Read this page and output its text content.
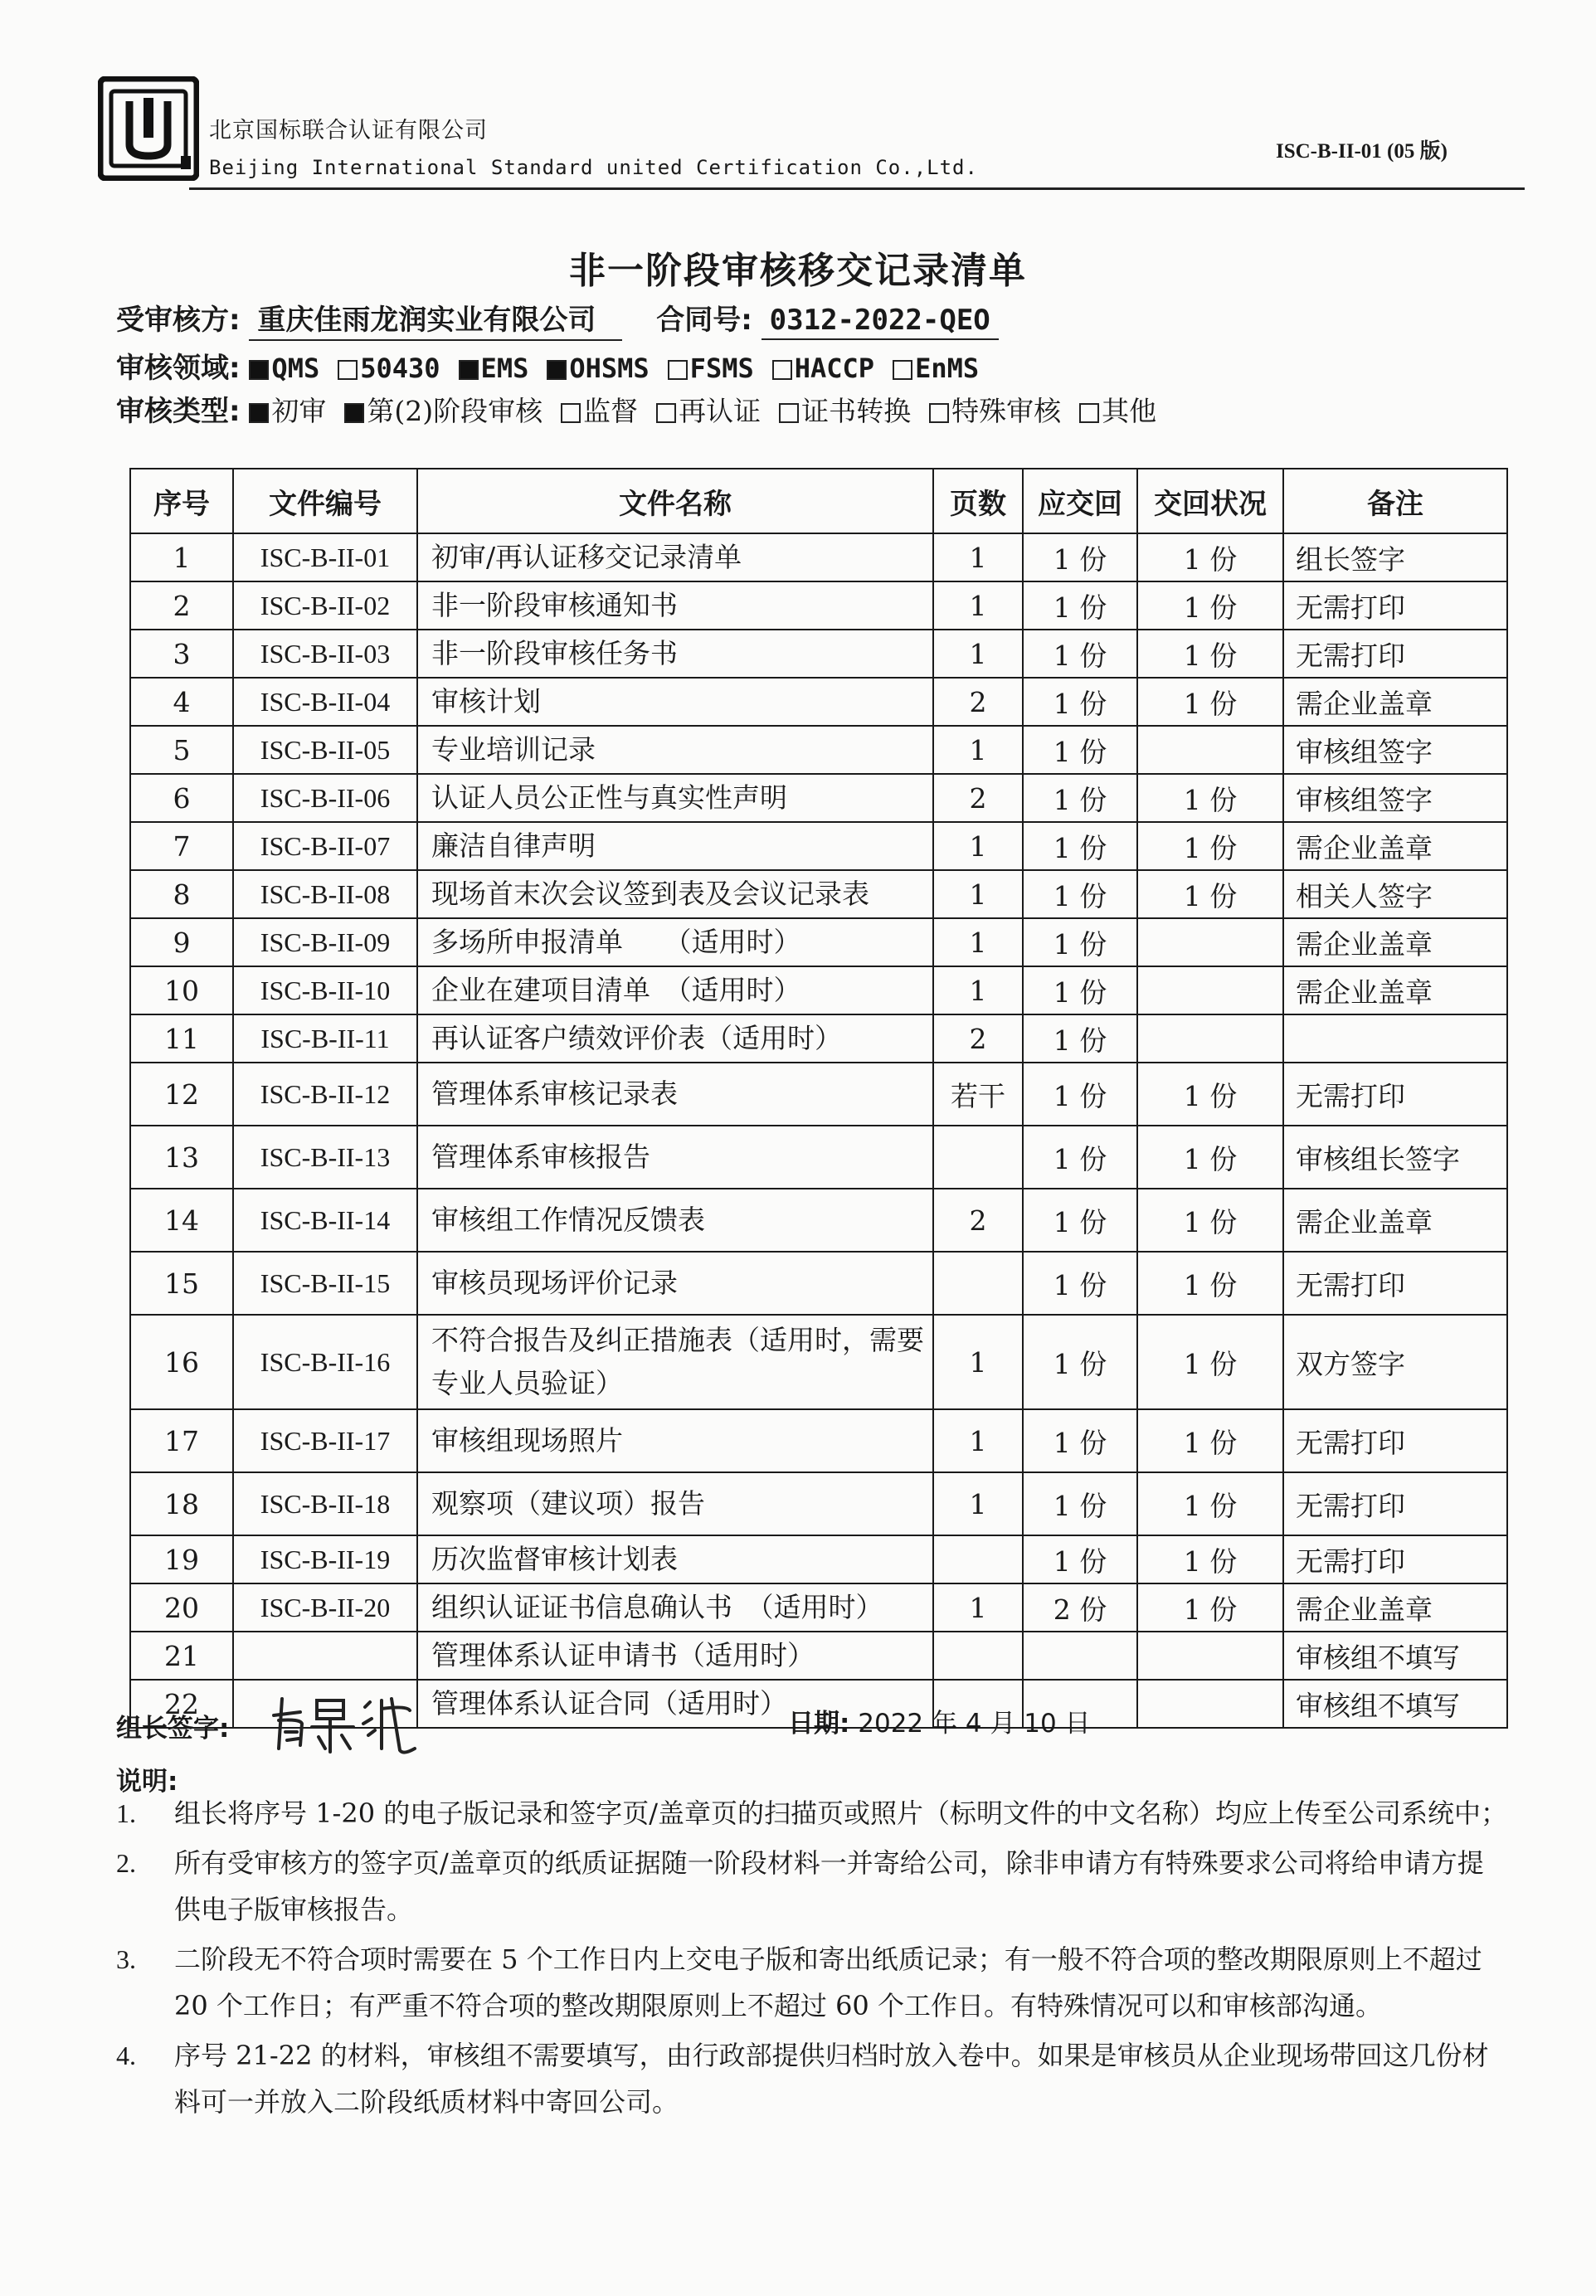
北京国标联合认证有限公司
Beijing International Standard united Certification Co.,Ltd.
ISC-B-II-01 (05 版)
非一阶段审核移交记录清单
受审核方: 重庆佳雨龙润实业有限公司 合同号: 0312-2022-QEO
审核领域: QMS 50430 EMS OHSMS FSMS HACCP EnMS
审核类型: 初审 第(2)阶段审核 监督 再认证 证书转换 特殊审核 其他
序号	文件编号	文件名称	页数	应交回	交回状况	备注
1	ISC-B-II-01	初审/再认证移交记录清单	1	1 份	1 份	组长签字
2	ISC-B-II-02	非一阶段审核通知书	1	1 份	1 份	无需打印
3	ISC-B-II-03	非一阶段审核任务书	1	1 份	1 份	无需打印
4	ISC-B-II-04	审核计划	2	1 份	1 份	需企业盖章
5	ISC-B-II-05	专业培训记录	1	1 份		审核组签字
6	ISC-B-II-06	认证人员公正性与真实性声明	2	1 份	1 份	审核组签字
7	ISC-B-II-07	廉洁自律声明	1	1 份	1 份	需企业盖章
8	ISC-B-II-08	现场首末次会议签到表及会议记录表	1	1 份	1 份	相关人签字
9	ISC-B-II-09	多场所申报清单　　（适用时）	1	1 份		需企业盖章
10	ISC-B-II-10	企业在建项目清单　（适用时）	1	1 份		需企业盖章
11	ISC-B-II-11	再认证客户绩效评价表（适用时）	2	1 份		
12	ISC-B-II-12	管理体系审核记录表	若干	1 份	1 份	无需打印
13	ISC-B-II-13	管理体系审核报告		1 份	1 份	审核组长签字
14	ISC-B-II-14	审核组工作情况反馈表	2	1 份	1 份	需企业盖章
15	ISC-B-II-15	审核员现场评价记录		1 份	1 份	无需打印
16	ISC-B-II-16	不符合报告及纠正措施表（适用时，需要专业人员验证）	1	1 份	1 份	双方签字
17	ISC-B-II-17	审核组现场照片	1	1 份	1 份	无需打印
18	ISC-B-II-18	观察项（建议项）报告	1	1 份	1 份	无需打印
19	ISC-B-II-19	历次监督审核计划表		1 份	1 份	无需打印
20	ISC-B-II-20	组织认证证书信息确认书　（适用时）	1	2 份	1 份	需企业盖章
21		管理体系认证申请书（适用时）				审核组不填写
22		管理体系认证合同（适用时）				审核组不填写
组长签字:	日期: 2022 年 4 月 10 日
说明:
1.	组长将序号 1-20 的电子版记录和签字页/盖章页的扫描页或照片（标明文件的中文名称）均应上传至公司系统中；
2.	所有受审核方的签字页/盖章页的纸质证据随一阶段材料一并寄给公司，除非申请方有特殊要求公司将给申请方提供电子版审核报告。
3.	二阶段无不符合项时需要在 5 个工作日内上交电子版和寄出纸质记录；有一般不符合项的整改期限原则上不超过 20 个工作日；有严重不符合项的整改期限原则上不超过 60 个工作日。有特殊情况可以和审核部沟通。
4.	序号 21-22 的材料，审核组不需要填写，由行政部提供归档时放入卷中。如果是审核员从企业现场带回这几份材料可一并放入二阶段纸质材料中寄回公司。
